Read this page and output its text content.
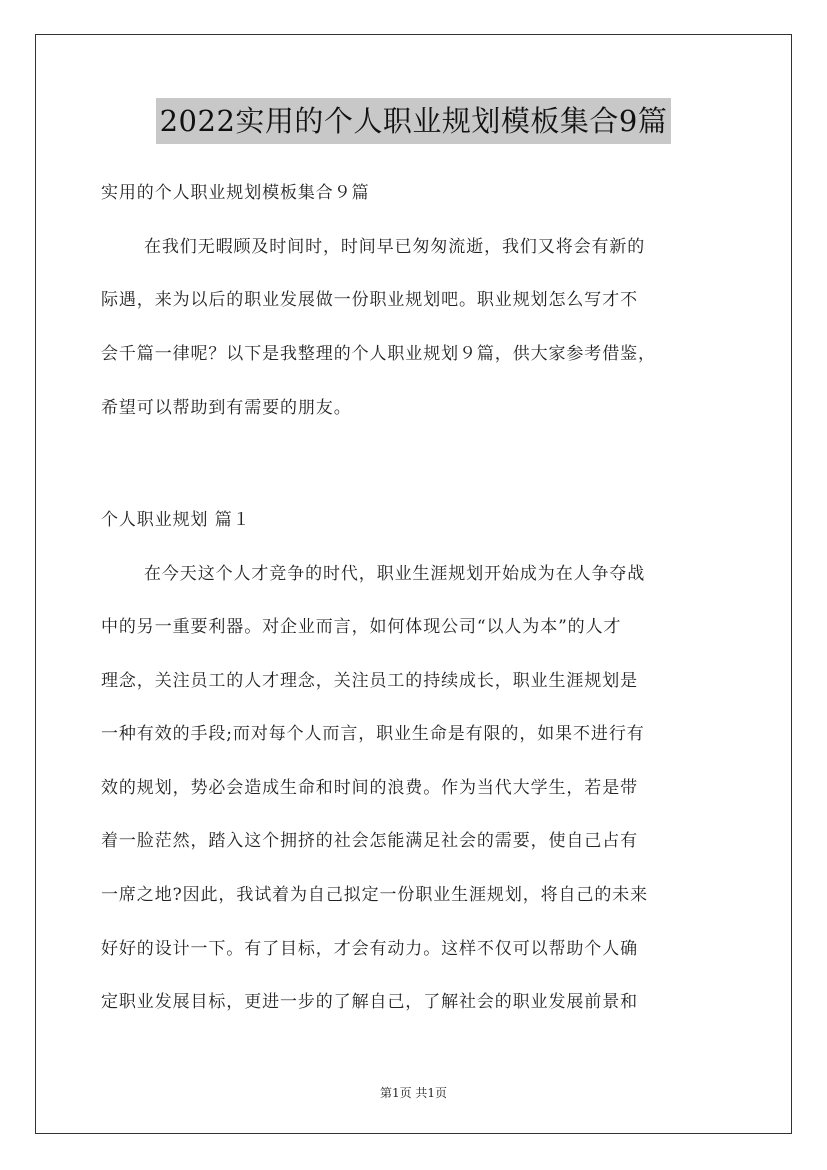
2022实用的个人职业规划模板集合9篇
实用的个人职业规划模板集合９篇
在我们无暇顾及时间时，时间早已匆匆流逝，我们又将会有新的
际遇，来为以后的职业发展做一份职业规划吧。职业规划怎么写才不
会千篇一律呢？以下是我整理的个人职业规划９篇，供大家参考借鉴，
希望可以帮助到有需要的朋友。
个人职业规划 篇１
在今天这个人才竞争的时代，职业生涯规划开始成为在人争夺战
中的另一重要利器。对企业而言，如何体现公司“以人为本”的人才
理念，关注员工的人才理念，关注员工的持续成长，职业生涯规划是
一种有效的手段;而对每个人而言，职业生命是有限的，如果不进行有
效的规划，势必会造成生命和时间的浪费。作为当代大学生，若是带
着一脸茫然，踏入这个拥挤的社会怎能满足社会的需要，使自己占有
一席之地?因此，我试着为自己拟定一份职业生涯规划，将自己的未来
好好的设计一下。有了目标，才会有动力。这样不仅可以帮助个人确
定职业发展目标，更进一步的了解自己，了解社会的职业发展前景和
第1页 共1页
